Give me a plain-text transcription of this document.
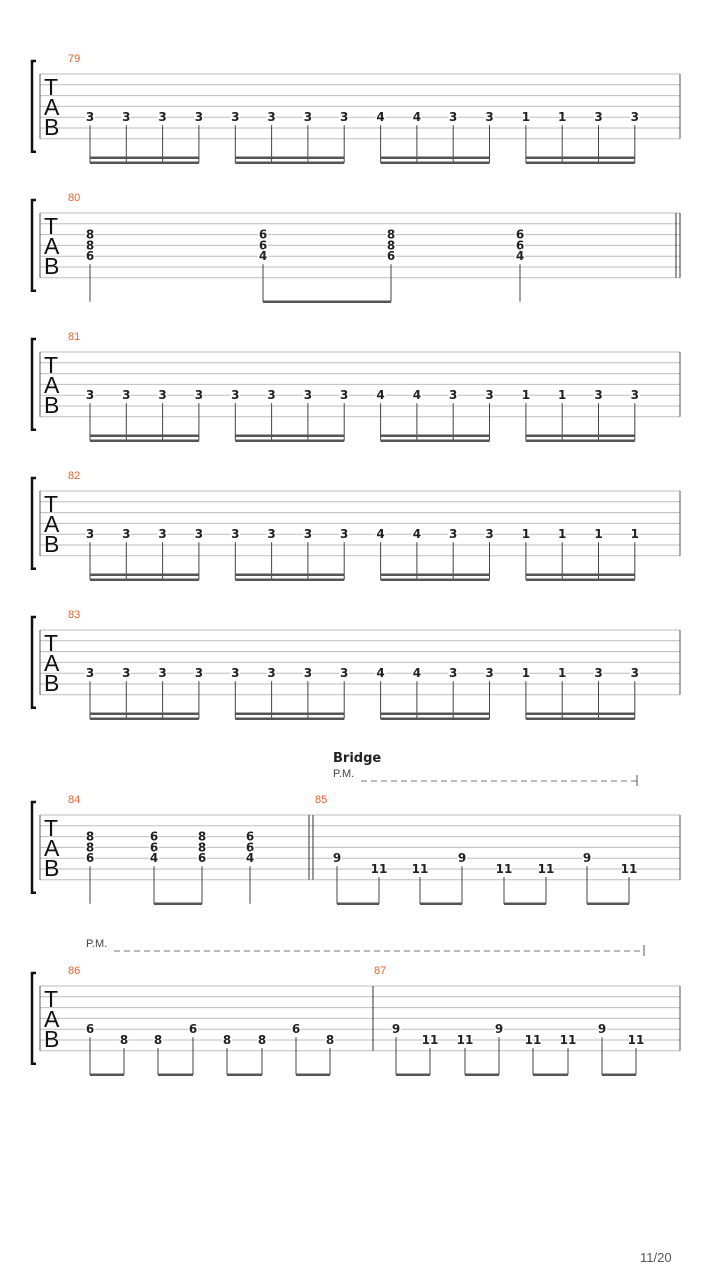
T
A
B
79
3 3 3 3 3 3 3 3 4 4 3 3 1 1 3 3
T
A
B
80
8
8
6
6
6
4
8
8
6
6
6
4
T
A
B
81
3 3 3 3 3 3 3 3 4 4 3 3 1 1 3 3
T
A
B
82
3 3 3 3 3 3 3 3 4 4 3 3 1 1 1 1
T
A
B
83
3 3 3 3 3 3 3 3 4 4 3 3 1 1 3 3
T
A
B
Bridge
P.M.
84
8
8
6
6
6
4
8
8
6
6
6
4
85
9
11 11
9
11 11
9
11
T
A
B
P.M.
86
6
8 8
6
8 8
6
8
87
9
11 11
9
11 11
9
11
11/20
